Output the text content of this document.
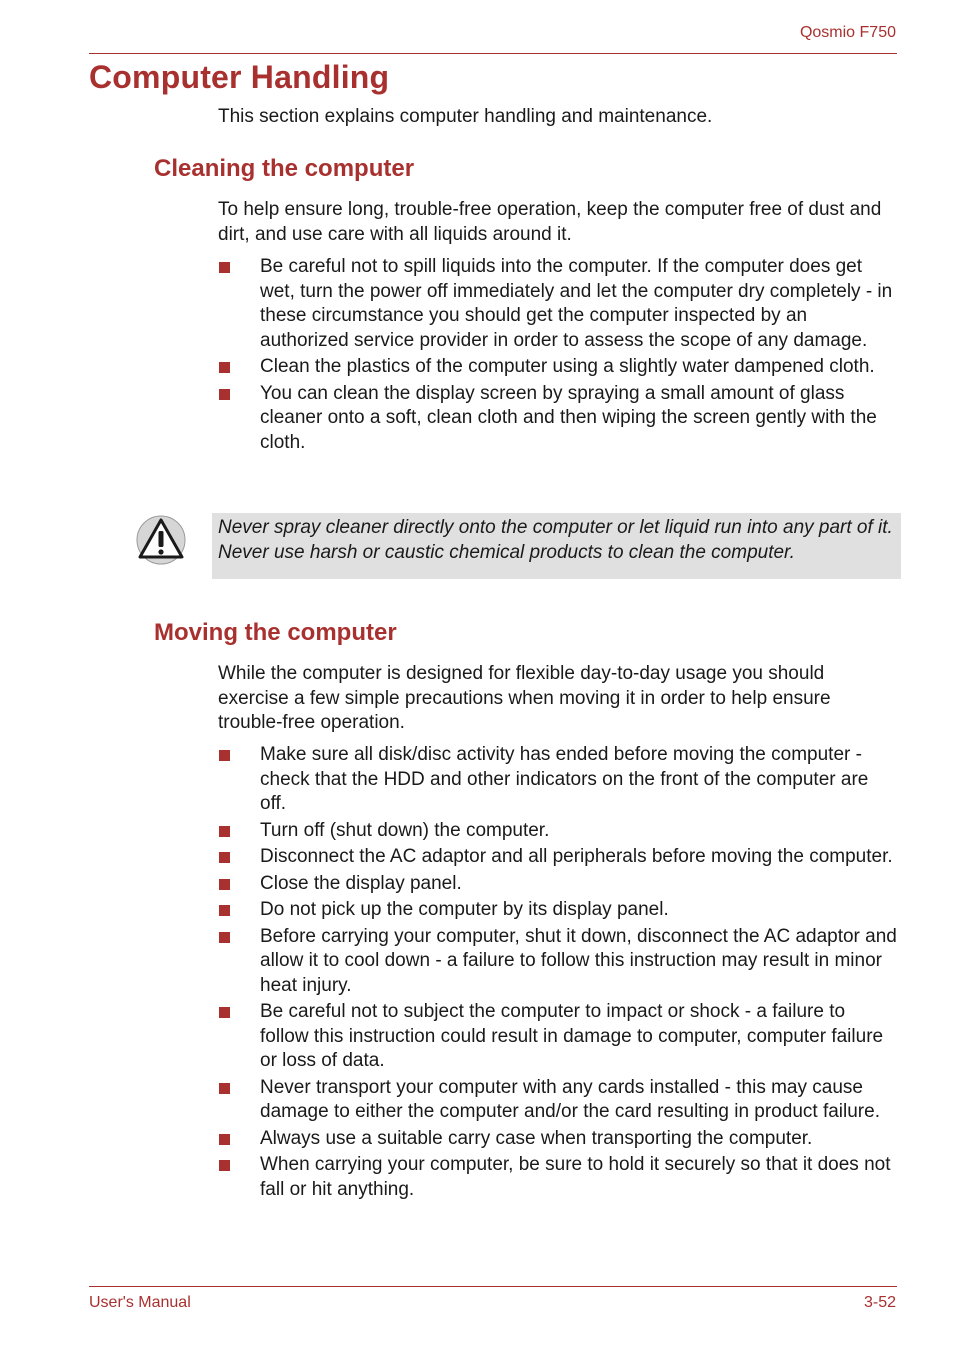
Qosmio F750
Computer Handling
This section explains computer handling and maintenance.
Cleaning the computer
To help ensure long, trouble-free operation, keep the computer free of dust and dirt, and use care with all liquids around it.
Be careful not to spill liquids into the computer. If the computer does get wet, turn the power off immediately and let the computer dry completely - in these circumstance you should get the computer inspected by an authorized service provider in order to assess the scope of any damage.
Clean the plastics of the computer using a slightly water dampened cloth.
You can clean the display screen by spraying a small amount of glass cleaner onto a soft, clean cloth and then wiping the screen gently with the cloth.
Never spray cleaner directly onto the computer or let liquid run into any part of it. Never use harsh or caustic chemical products to clean the computer.
Moving the computer
While the computer is designed for flexible day-to-day usage you should exercise a few simple precautions when moving it in order to help ensure trouble-free operation.
Make sure all disk/disc activity has ended before moving the computer - check that the HDD and other indicators on the front of the computer are off.
Turn off (shut down) the computer.
Disconnect the AC adaptor and all peripherals before moving the computer.
Close the display panel.
Do not pick up the computer by its display panel.
Before carrying your computer, shut it down, disconnect the AC adaptor and allow it to cool down - a failure to follow this instruction may result in minor heat injury.
Be careful not to subject the computer to impact or shock - a failure to follow this instruction could result in damage to computer, computer failure or loss of data.
Never transport your computer with any cards installed - this may cause damage to either the computer and/or the card resulting in product failure.
Always use a suitable carry case when transporting the computer.
When carrying your computer, be sure to hold it securely so that it does not fall or hit anything.
User's Manual	3-52
